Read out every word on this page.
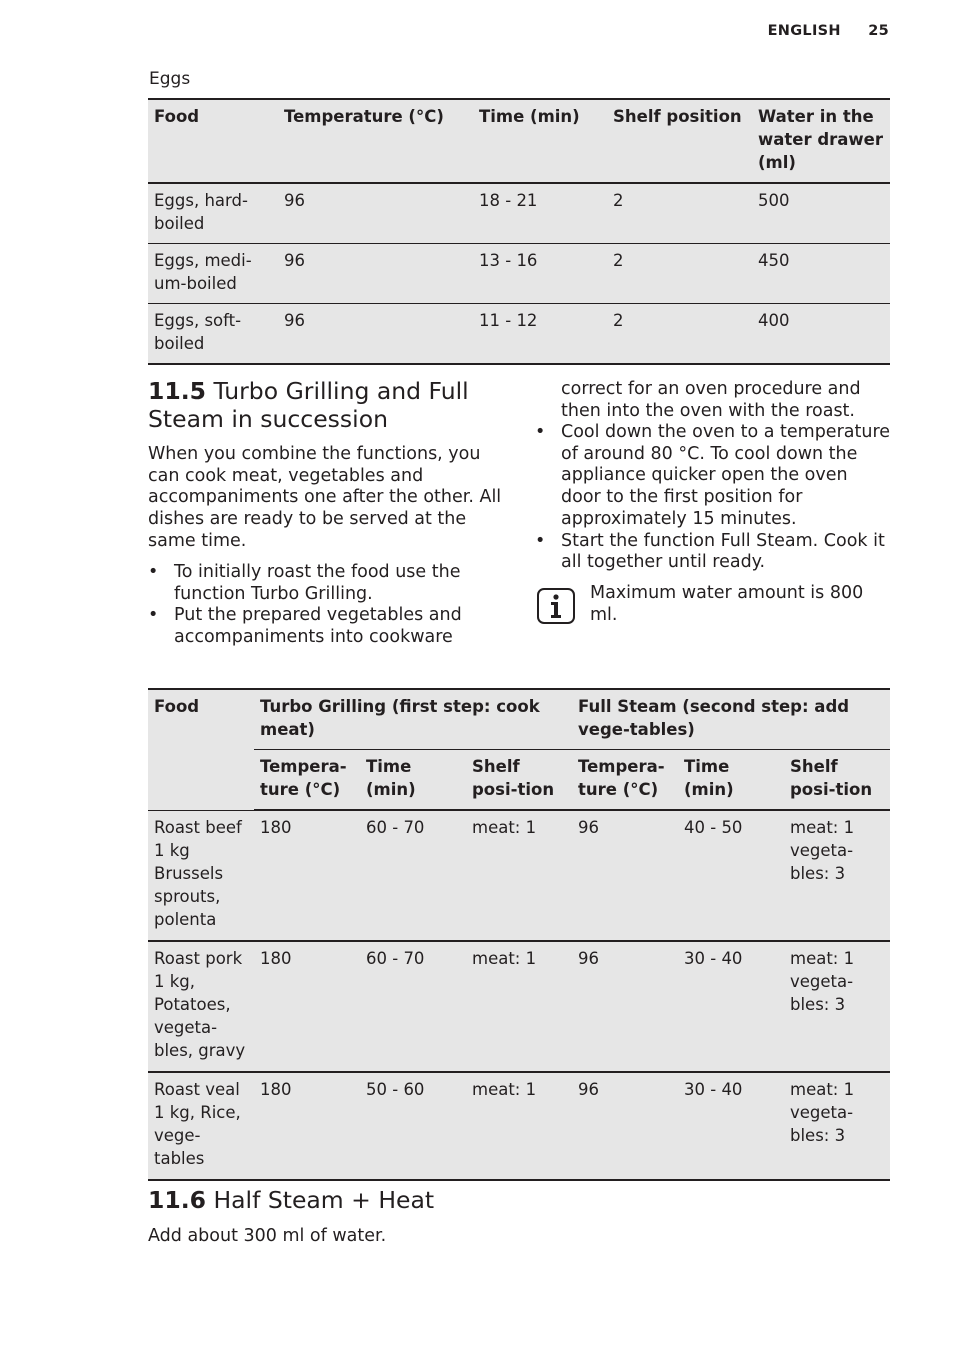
ENGLISH 25
Eggs
Food	Temperature (°C)	Time (min)	Shelf position	Water in the water drawer (ml)
Eggs, hard-boiled	96	18 - 21	2	500
Eggs, medi-um-boiled	96	13 - 16	2	450
Eggs, soft-boiled	96	11 - 12	2	400
11.5 Turbo Grilling and Full Steam in succession

When you combine the functions, you can cook meat, vegetables and accompaniments one after the other. All dishes are ready to be served at the same time.

• To initially roast the food use the function Turbo Grilling.
• Put the prepared vegetables and accompaniments into cookware
correct for an oven procedure and then into the oven with the roast.
• Cool down the oven to a temperature of around 80 °C. To cool down the appliance quicker open the oven door to the first position for approximately 15 minutes.
• Start the function Full Steam. Cook it all together until ready.
Maximum water amount is 800 ml.
Food	Turbo Grilling (first step: cook meat)			Full Steam (second step: add vege-tables)		
	Tempera-ture (°C)	Time (min)	Shelf posi-tion	Tempera-ture (°C)	Time (min)	Shelf posi-tion
Roast beef 1 kg Brussels sprouts, polenta	180	60 - 70	meat: 1	96	40 - 50	meat: 1 vegeta-bles: 3
Roast pork 1 kg, Potatoes, vegeta-bles, gravy	180	60 - 70	meat: 1	96	30 - 40	meat: 1 vegeta-bles: 3
Roast veal 1 kg, Rice, vege-tables	180	50 - 60	meat: 1	96	30 - 40	meat: 1 vegeta-bles: 3
11.6 Half Steam + Heat

Add about 300 ml of water.
